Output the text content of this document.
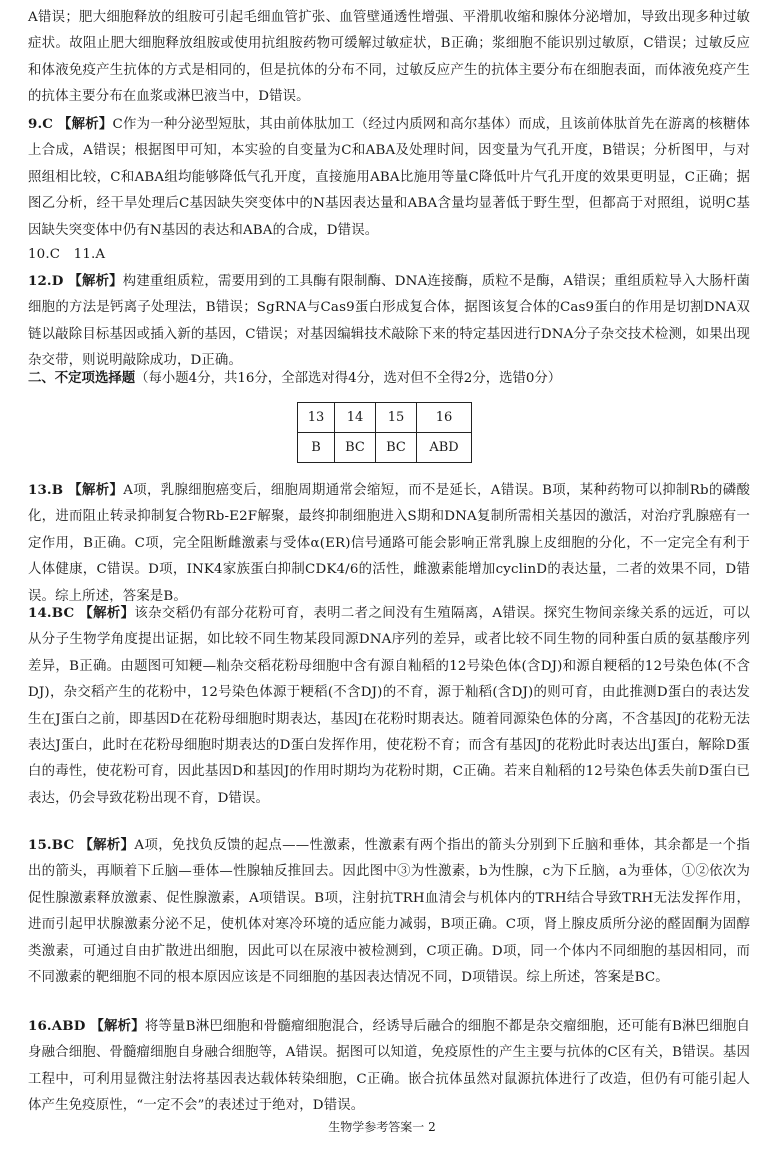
A错误；肥大细胞释放的组胺可引起毛细血管扩张、血管壁通透性增强、平滑肌收缩和腺体分泌增加，导致出现多种过敏症状。故阻止肥大细胞释放组胺或使用抗组胺药物可缓解过敏症状，B正确；浆细胞不能识别过敏原，C错误；过敏反应和体液免疫产生抗体的方式是相同的，但是抗体的分布不同，过敏反应产生的抗体主要分布在细胞表面，而体液免疫产生的抗体主要分布在血浆或淋巴液当中，D错误。
9.C 【解析】C作为一种分泌型短肽，其由前体肽加工（经过内质网和高尔基体）而成，且该前体肽首先在游离的核糖体上合成，A错误；根据图甲可知，本实验的自变量为C和ABA及处理时间，因变量为气孔开度，B错误；分析图甲，与对照组相比较，C和ABA组均能够降低气孔开度，直接施用ABA比施用等量C降低叶片气孔开度的效果更明显，C正确；据图乙分析，经干旱处理后C基因缺失突变体中的N基因表达量和ABA含量均显著低于野生型，但都高于对照组，说明C基因缺失突变体中仍有N基因的表达和ABA的合成，D错误。
10.C　11.A
12.D 【解析】构建重组质粒，需要用到的工具酶有限制酶、DNA连接酶，质粒不是酶，A错误；重组质粒导入大肠杆菌细胞的方法是钙离子处理法，B错误；SgRNA与Cas9蛋白形成复合体，据图该复合体的Cas9蛋白的作用是切割DNA双链以敲除目标基因或插入新的基因，C错误；对基因编辑技术敲除下来的特定基因进行DNA分子杂交技术检测，如果出现杂交带，则说明敲除成功，D正确。
二、不定项选择题（每小题4分，共16分，全部选对得4分，选对但不全得2分，选错0分）
13	14	15	16
B	BC	BC	ABD
13.B 【解析】A项，乳腺细胞癌变后，细胞周期通常会缩短，而不是延长，A错误。B项，某种药物可以抑制Rb的磷酸化，进而阻止转录抑制复合物Rb-E2F解聚，最终抑制细胞进入S期和DNA复制所需相关基因的激活，对治疗乳腺癌有一定作用，B正确。C项，完全阻断雌激素与受体α(ER)信号通路可能会影响正常乳腺上皮细胞的分化，不一定完全有利于人体健康，C错误。D项，INK4家族蛋白抑制CDK4/6的活性，雌激素能增加cyclinD的表达量，二者的效果不同，D错误。综上所述，答案是B。
14.BC 【解析】该杂交稻仍有部分花粉可育，表明二者之间没有生殖隔离，A错误。探究生物间亲缘关系的远近，可以从分子生物学角度提出证据，如比较不同生物某段同源DNA序列的差异，或者比较不同生物的同种蛋白质的氨基酸序列差异，B正确。由题图可知粳—籼杂交稻花粉母细胞中含有源自籼稻的12号染色体(含DJ)和源自粳稻的12号染色体(不含DJ)，杂交稻产生的花粉中，12号染色体源于粳稻(不含DJ)的不育，源于籼稻(含DJ)的则可育，由此推测D蛋白的表达发生在J蛋白之前，即基因D在花粉母细胞时期表达，基因J在花粉时期表达。随着同源染色体的分离，不含基因J的花粉无法表达J蛋白，此时在花粉母细胞时期表达的D蛋白发挥作用，使花粉不育；而含有基因J的花粉此时表达出J蛋白，解除D蛋白的毒性，使花粉可育，因此基因D和基因J的作用时期均为花粉时期，C正确。若来自籼稻的12号染色体丢失前D蛋白已表达，仍会导致花粉出现不育，D错误。
15.BC 【解析】A项，免找负反馈的起点——性激素，性激素有两个指出的箭头分别到下丘脑和垂体，其余都是一个指出的箭头，再顺着下丘脑—垂体—性腺轴反推回去。因此图中③为性激素，b为性腺，c为下丘脑，a为垂体，①②依次为促性腺激素释放激素、促性腺激素，A项错误。B项，注射抗TRH血清会与机体内的TRH结合导致TRH无法发挥作用，进而引起甲状腺激素分泌不足，使机体对寒冷环境的适应能力减弱，B项正确。C项，肾上腺皮质所分泌的醛固酮为固醇类激素，可通过自由扩散进出细胞，因此可以在尿液中被检测到，C项正确。D项，同一个体内不同细胞的基因相同，而不同激素的靶细胞不同的根本原因应该是不同细胞的基因表达情况不同，D项错误。综上所述，答案是BC。
16.ABD 【解析】将等量B淋巴细胞和骨髓瘤细胞混合，经诱导后融合的细胞不都是杂交瘤细胞，还可能有B淋巴细胞自身融合细胞、骨髓瘤细胞自身融合细胞等，A错误。据图可以知道，免疫原性的产生主要与抗体的C区有关，B错误。基因工程中，可利用显微注射法将基因表达载体转染细胞，C正确。嵌合抗体虽然对鼠源抗体进行了改造，但仍有可能引起人体产生免疫原性，“一定不会”的表述过于绝对，D错误。
生物学参考答案一 2
